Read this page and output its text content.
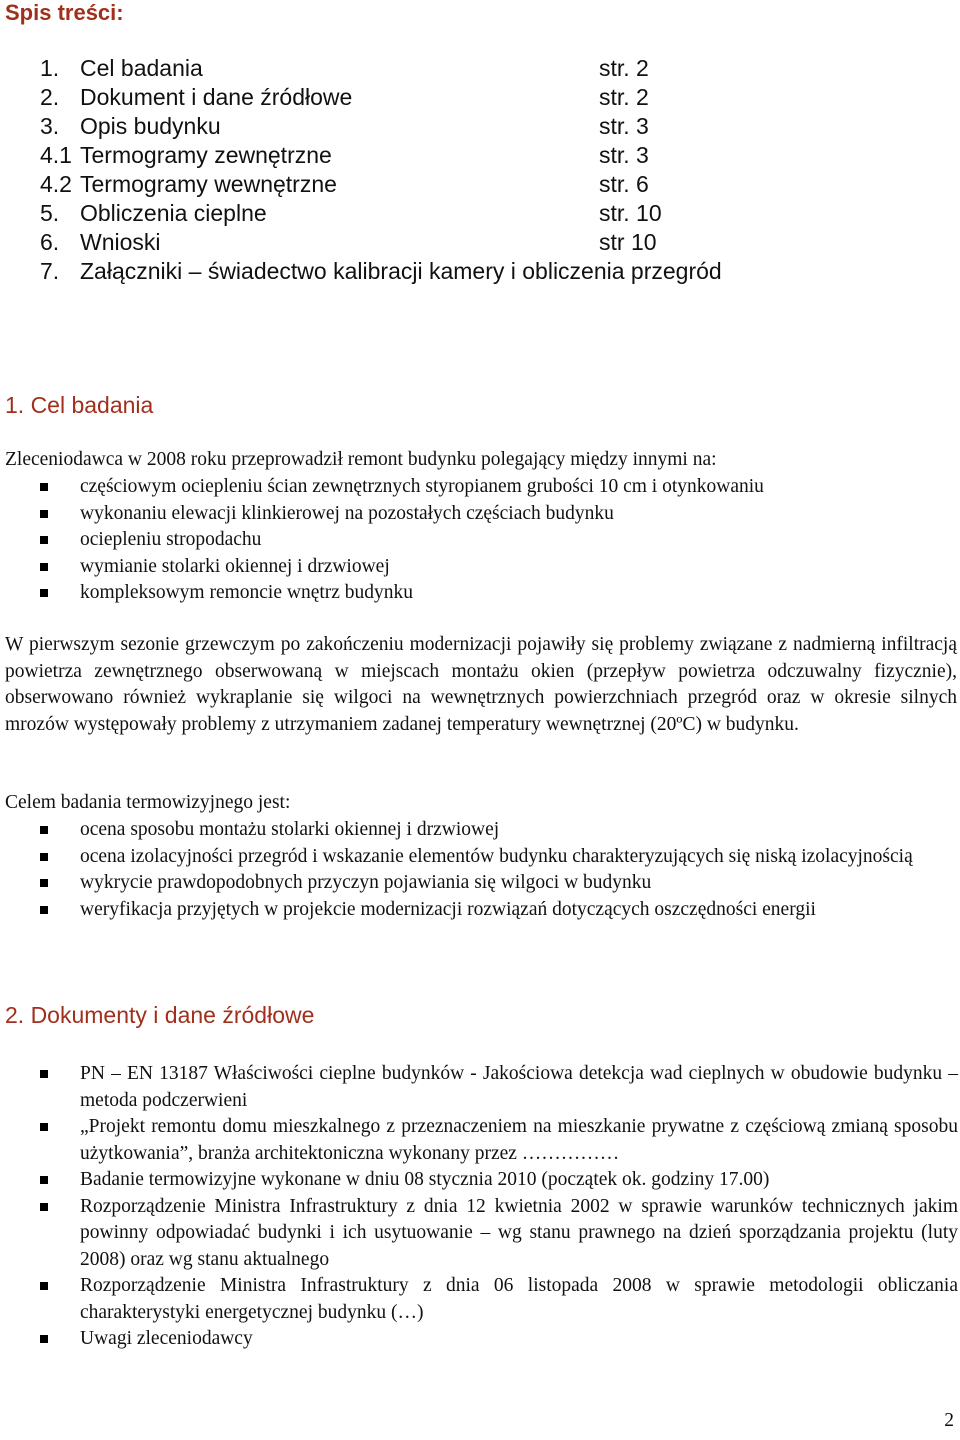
Spis treści:
1. Cel badania	str. 2
2. Dokument i dane źródłowe	str. 2
3. Opis budynku	str. 3
4.1 Termogramy zewnętrzne	str. 3
4.2 Termogramy wewnętrzne	str. 6
5. Obliczenia cieplne	str. 10
6. Wnioski	str 10
7. Załączniki – świadectwo kalibracji kamery i obliczenia przegród
1. Cel badania

Zleceniodawca w 2008 roku przeprowadził remont budynku polegający między innymi na:

częściowym ociepleniu ścian zewnętrznych styropianem grubości 10 cm i otynkowaniu
wykonaniu elewacji klinkierowej na pozostałych częściach budynku
ociepleniu stropodachu
wymianie stolarki okiennej i drzwiowej
kompleksowym remoncie wnętrz budynku

W pierwszym sezonie grzewczym po zakończeniu modernizacji pojawiły się problemy związane z nadmierną infiltracją powietrza zewnętrznego obserwowaną w miejscach montażu okien (przepływ powietrza odczuwalny fizycznie), obserwowano również wykraplanie się wilgoci na wewnętrznych powierzchniach przegród oraz w okresie silnych mrozów występowały problemy z utrzymaniem zadanej temperatury wewnętrznej (20ºC) w budynku.

Celem badania termowizyjnego jest:

ocena sposobu montażu stolarki okiennej i drzwiowej
ocena izolacyjności przegród i wskazanie elementów budynku charakteryzujących się niską izolacyjnością
wykrycie prawdopodobnych przyczyn pojawiania się wilgoci w budynku
weryfikacja przyjętych w projekcie modernizacji rozwiązań dotyczących oszczędności energii
2. Dokumenty i dane źródłowe
PN – EN 13187 Właściwości cieplne budynków - Jakościowa detekcja wad cieplnych w obudowie budynku – metoda podczerwieni
„Projekt remontu domu mieszkalnego z przeznaczeniem na mieszkanie prywatne z częściową zmianą sposobu użytkowania”, branża architektoniczna wykonany przez ……………
Badanie termowizyjne wykonane w dniu 08 stycznia 2010 (początek ok. godziny 17.00)
Rozporządzenie Ministra Infrastruktury z dnia 12 kwietnia 2002 w sprawie warunków technicznych jakim powinny odpowiadać budynki i ich usytuowanie – wg stanu prawnego na dzień sporządzania projektu (luty 2008) oraz wg stanu aktualnego
Rozporządzenie Ministra Infrastruktury z dnia 06 listopada 2008 w sprawie metodologii obliczania charakterystyki energetycznej budynku (…)
Uwagi zleceniodawcy
2
